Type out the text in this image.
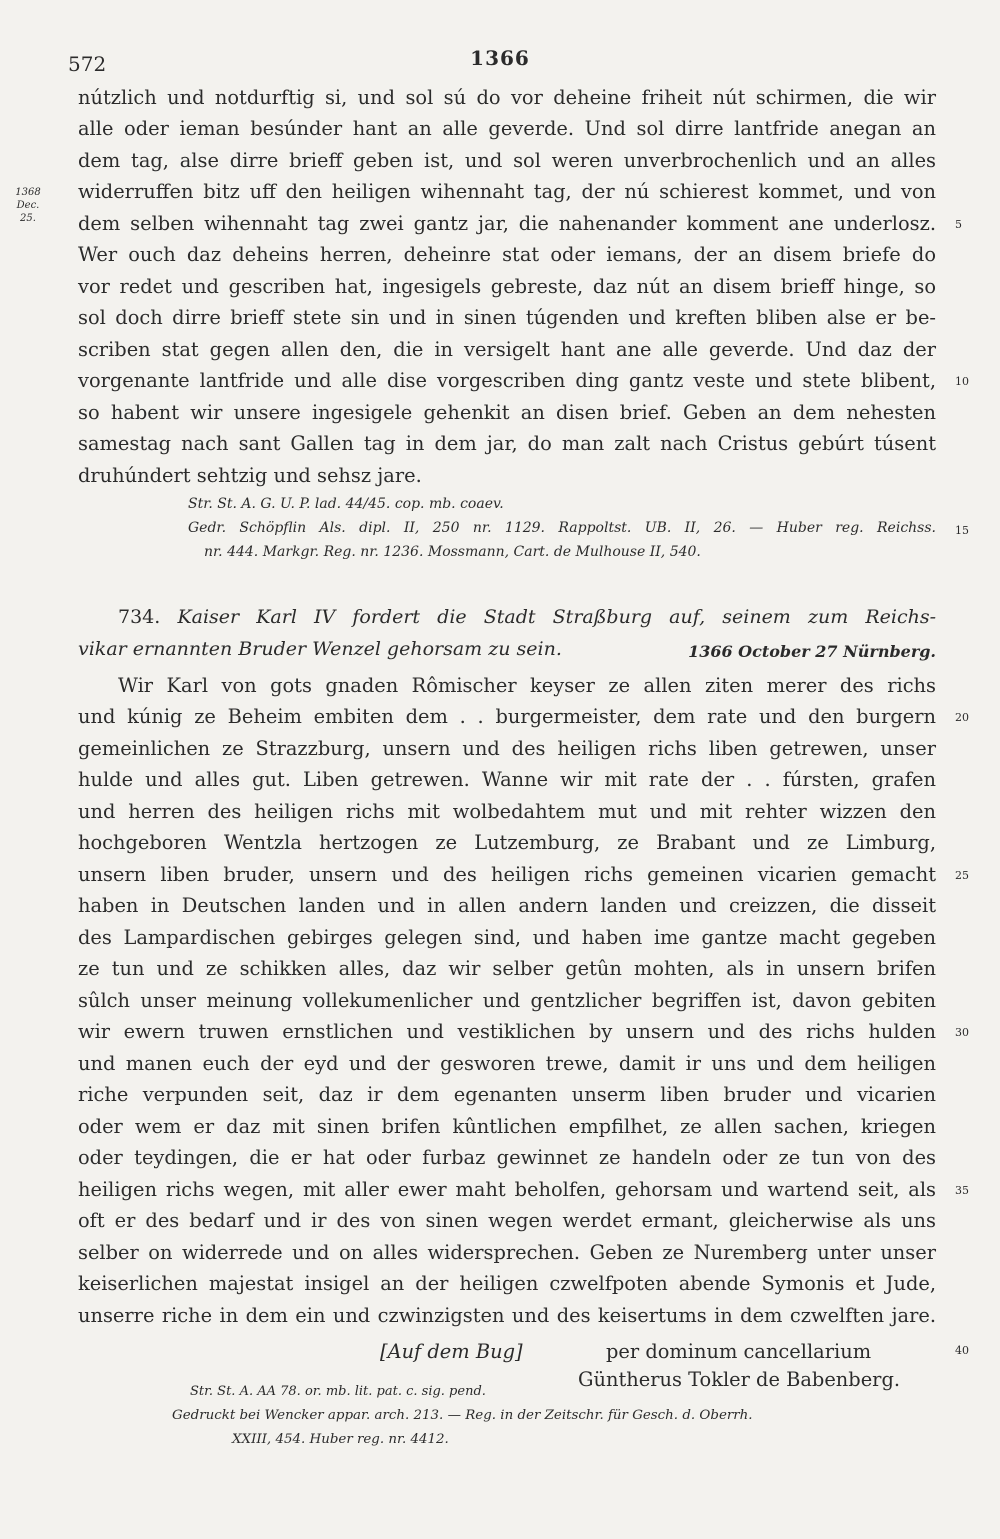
572	1366
1368
Dec. 25.
nútzlich und notdurftig si, und sol sú do vor deheine friheit nút schirmen, die wir
alle oder ieman besúnder hant an alle geverde. Und sol dirre lantfride anegan an
dem tag, alse dirre brieff geben ist, und sol weren unverbrochenlich und an alles
widerruffen bitz uff den heiligen wihennaht tag, der nú schierest kommet, und von
dem selben wihennaht tag zwei gantz jar, die nahenander komment ane underlosz.
Wer ouch daz deheins herren, deheinre stat oder iemans, der an disem briefe do
vor redet und gescriben hat, ingesigels gebreste, daz nút an disem brieff hinge, so
sol doch dirre brieff stete sin und in sinen túgenden und kreften bliben alse er be-
scriben stat gegen allen den, die in versigelt hant ane alle geverde. Und daz der
vorgenante lantfride und alle dise vorgescriben ding gantz veste und stete blibent,
so habent wir unsere ingesigele gehenkit an disen brief. Geben an dem nehesten
samestag nach sant Gallen tag in dem jar, do man zalt nach Cristus gebúrt túsent
druhúndert sehtzig und sehsz jare.
Str. St. A. G. U. P. lad. 44/45. cop. mb. coaev.
Gedr. Schöpflin Als. dipl. II, 250 nr. 1129. Rappoltst. UB. II, 26. — Huber reg. Reichss.
nr. 444. Markgr. Reg. nr. 1236. Mossmann, Cart. de Mulhouse II, 540.
734. Kaiser Karl IV fordert die Stadt Straßburg auf, seinem zum Reichs-
vikar ernannten Bruder Wenzel gehorsam zu sein.	1366 October 27 Nürnberg.
Wir Karl von gots gnaden Rômischer keyser ze allen ziten merer des richs
und kúnig ze Beheim embiten dem . . burgermeister, dem rate und den burgern
gemeinlichen ze Strazzburg, unsern und des heiligen richs liben getrewen, unser
hulde und alles gut. Liben getrewen. Wanne wir mit rate der . . fúrsten, grafen
und herren des heiligen richs mit wolbedahtem mut und mit rehter wizzen den
hochgeboren Wentzla hertzogen ze Lutzemburg, ze Brabant und ze Limburg,
unsern liben bruder, unsern und des heiligen richs gemeinen vicarien gemacht
haben in Deutschen landen und in allen andern landen und creizzen, die disseit
des Lampardischen gebirges gelegen sind, und haben ime gantze macht gegeben
ze tun und ze schikken alles, daz wir selber getûn mohten, als in unsern brifen
sûlch unser meinung vollekumenlicher und gentzlicher begriffen ist, davon gebiten
wir ewern truwen ernstlichen und vestiklichen by unsern und des richs hulden
und manen euch der eyd und der gesworen trewe, damit ir uns und dem heiligen
riche verpunden seit, daz ir dem egenanten unserm liben bruder und vicarien
oder wem er daz mit sinen brifen kûntlichen empfilhet, ze allen sachen, kriegen
oder teydingen, die er hat oder furbaz gewinnet ze handeln oder ze tun von des
heiligen richs wegen, mit aller ewer maht beholfen, gehorsam und wartend seit, als
oft er des bedarf und ir des von sinen wegen werdet ermant, gleicherwise als uns
selber on widerrede und on alles widersprechen. Geben ze Nuremberg unter unser
keiserlichen majestat insigel an der heiligen czwelfpoten abende Symonis et Jude,
unserre riche in dem ein und czwinzigsten und des keisertums in dem czwelften jare.
[Auf dem Bug]	per dominum cancellarium
Güntherus Tokler de Babenberg.
Str. St. A. AA 78. or. mb. lit. pat. c. sig. pend.
Gedruckt bei Wencker appar. arch. 213. — Reg. in der Zeitschr. für Gesch. d. Oberrh.
XXIII, 454. Huber reg. nr. 4412.
5
10
15
20
25
30
35
40
